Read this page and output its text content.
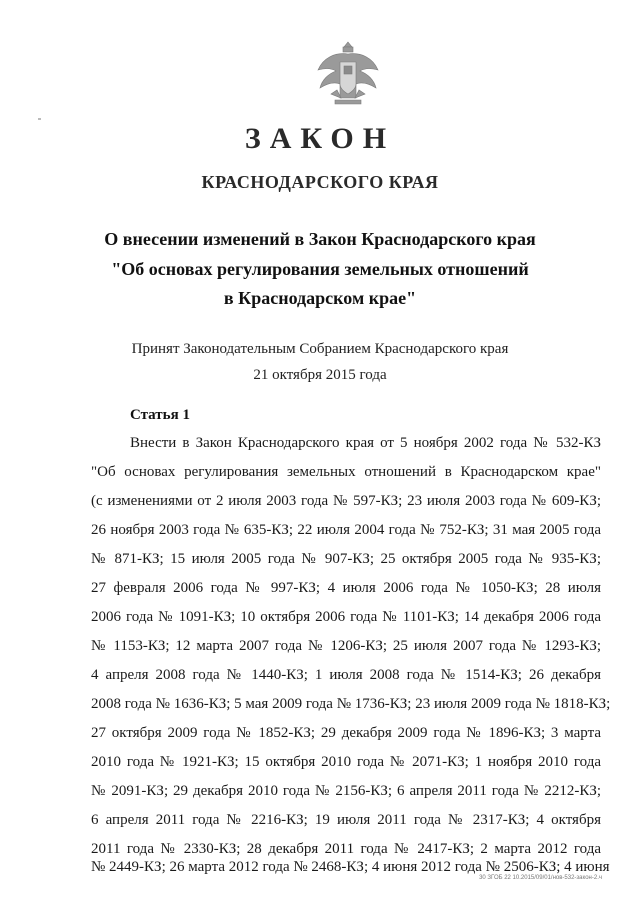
ЗАКОН
КРАСНОДАРСКОГО КРАЯ
О внесении изменений в Закон Краснодарского края
"Об основах регулирования земельных отношений
в Краснодарском крае"
Принят Законодательным Собранием Краснодарского края
21 октября 2015 года
Статья 1
Внести в Закон Краснодарского края от 5 ноября 2002 года № 532-КЗ
"Об основах регулирования земельных отношений в Краснодарском крае"
(с изменениями от 2 июля 2003 года № 597-КЗ; 23 июля 2003 года № 609-КЗ;
26 ноября 2003 года № 635-КЗ; 22 июля 2004 года № 752-КЗ; 31 мая 2005 года
№ 871-КЗ; 15 июля 2005 года № 907-КЗ; 25 октября 2005 года № 935-КЗ;
27 февраля 2006 года № 997-КЗ; 4 июля 2006 года № 1050-КЗ; 28 июля
2006 года № 1091-КЗ; 10 октября 2006 года № 1101-КЗ; 14 декабря 2006 года
№ 1153-КЗ; 12 марта 2007 года № 1206-КЗ; 25 июля 2007 года № 1293-КЗ;
4 апреля 2008 года № 1440-КЗ; 1 июля 2008 года № 1514-КЗ; 26 декабря
2008 года № 1636-КЗ; 5 мая 2009 года № 1736-КЗ; 23 июля 2009 года № 1818-КЗ;
27 октября 2009 года № 1852-КЗ; 29 декабря 2009 года № 1896-КЗ; 3 марта
2010 года № 1921-КЗ; 15 октября 2010 года № 2071-КЗ; 1 ноября 2010 года
№ 2091-КЗ; 29 декабря 2010 года № 2156-КЗ; 6 апреля 2011 года № 2212-КЗ;
6 апреля 2011 года № 2216-КЗ; 19 июля 2011 года № 2317-КЗ; 4 октября
2011 года № 2330-КЗ; 28 декабря 2011 года № 2417-КЗ; 2 марта 2012 года
№ 2449-КЗ; 26 марта 2012 года № 2468-КЗ; 4 июня 2012 года № 2506-КЗ; 4 июня
30 ЗГОБ 22 10.2015/09/01/нов-532-закон-2.ч
